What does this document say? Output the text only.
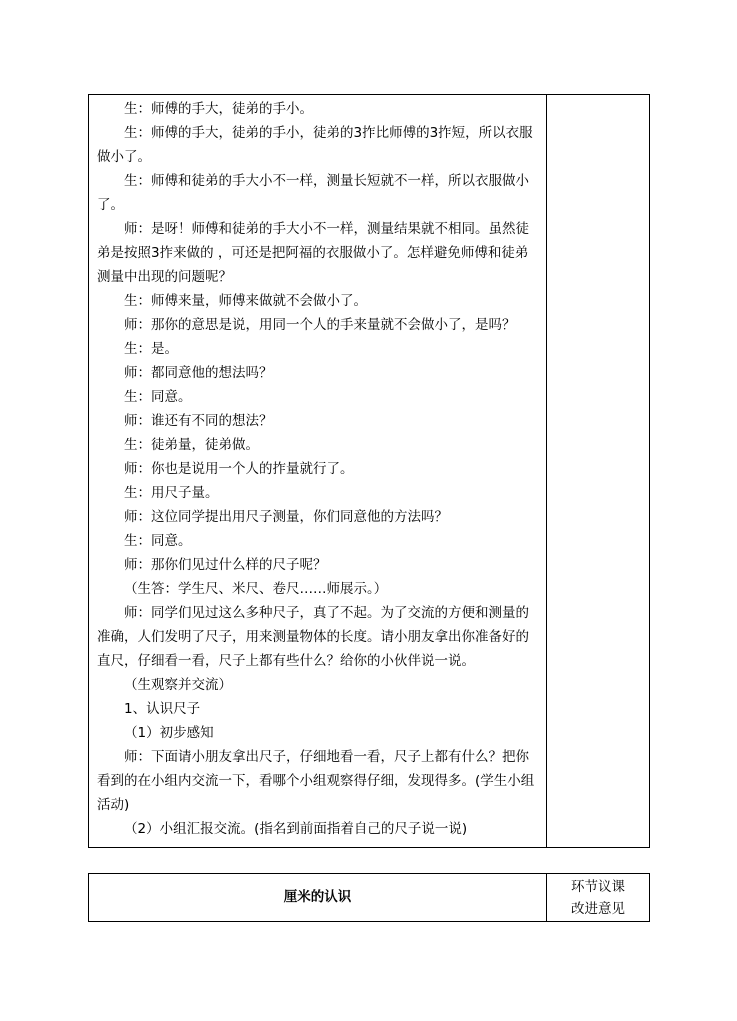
生：师傅的手大，徒弟的手小。

生：师傅的手大，徒弟的手小，徒弟的3拃比师傅的3拃短，所以衣服做小了。

生：师傅和徒弟的手大小不一样，测量长短就不一样，所以衣服做小了。

师：是呀！师傅和徒弟的手大小不一样，测量结果就不相同。虽然徒弟是按照3拃来做的 ，可还是把阿福的衣服做小了。怎样避免师傅和徒弟测量中出现的问题呢？

生：师傅来量，师傅来做就不会做小了。

师：那你的意思是说，用同一个人的手来量就不会做小了，是吗？

生：是。

师：都同意他的想法吗？

生：同意。

师：谁还有不同的想法？

生：徒弟量，徒弟做。

师：你也是说用一个人的拃量就行了。

生：用尺子量。

师：这位同学提出用尺子测量，你们同意他的方法吗？

生：同意。

师：那你们见过什么样的尺子呢？

（生答：学生尺、米尺、卷尺……师展示。）

师：同学们见过这么多种尺子，真了不起。为了交流的方便和测量的准确，人们发明了尺子，用来测量物体的长度。请小朋友拿出你准备好的直尺，仔细看一看，尺子上都有些什么？给你的小伙伴说一说。

（生观察并交流）

1、认识尺子

（1）初步感知

师：下面请小朋友拿出尺子，仔细地看一看，尺子上都有什么？把你看到的在小组内交流一下，看哪个小组观察得仔细，发现得多。(学生小组活动)

（2）小组汇报交流。(指名到前面指着自己的尺子说一说)

厘米的认识
环节议课
改进意见
